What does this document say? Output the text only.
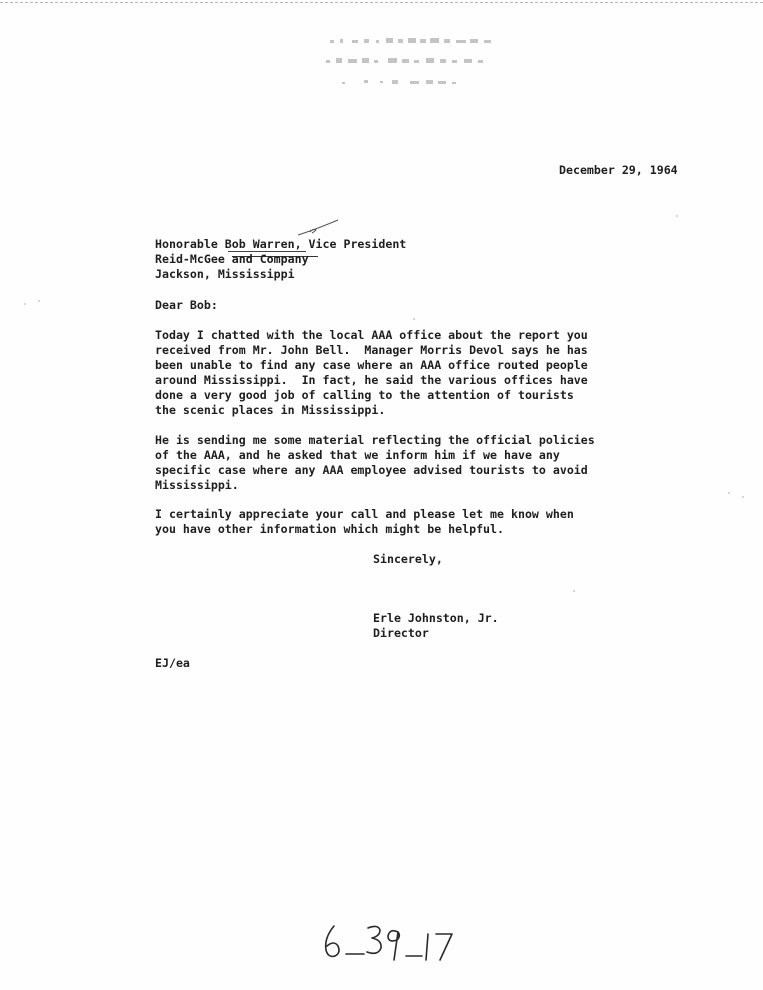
December 29, 1964
Honorable Bob Warren, Vice President
Reid-McGee and Company
Jackson, Mississippi
Dear Bob:
Today I chatted with the local AAA office about the report you
received from Mr. John Bell.  Manager Morris Devol says he has
been unable to find any case where an AAA office routed people
around Mississippi.  In fact, he said the various offices have
done a very good job of calling to the attention of tourists
the scenic places in Mississippi.
He is sending me some material reflecting the official policies
of the AAA, and he asked that we inform him if we have any
specific case where any AAA employee advised tourists to avoid
Mississippi.
I certainly appreciate your call and please let me know when
you have other information which might be helpful.
Sincerely,
Erle Johnston, Jr.
Director
EJ/ea
